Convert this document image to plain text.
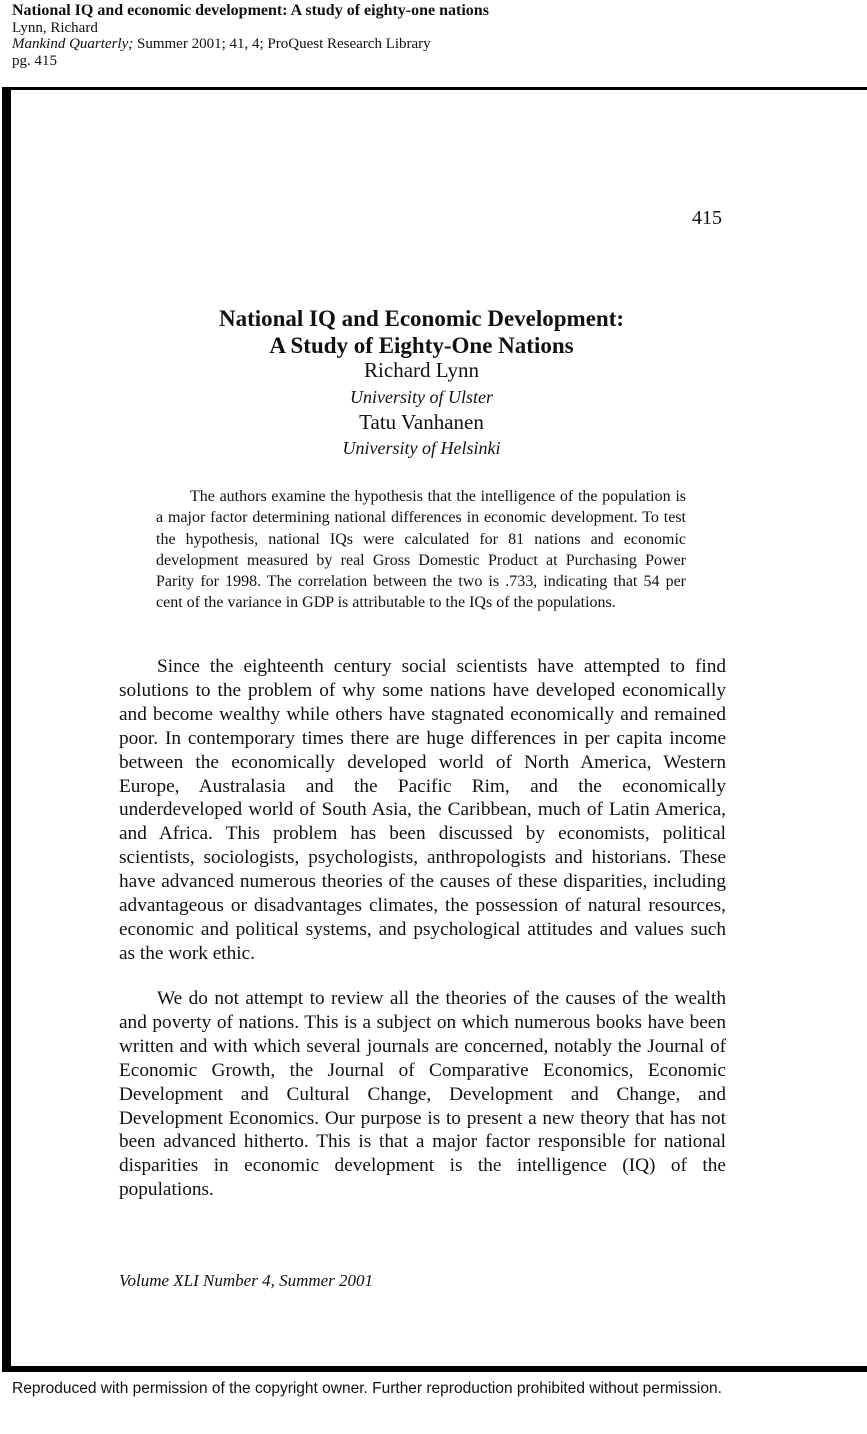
National IQ and economic development: A study of eighty-one nations
Lynn, Richard
Mankind Quarterly; Summer 2001; 41, 4; ProQuest Research Library
pg. 415
415
National IQ and Economic Development:
A Study of Eighty-One Nations
Richard Lynn
University of Ulster
Tatu Vanhanen
University of Helsinki
The authors examine the hypothesis that the intelligence of the population is a major factor determining national differences in economic development. To test the hypothesis, national IQs were calculated for 81 nations and economic development measured by real Gross Domestic Product at Purchasing Power Parity for 1998. The correlation between the two is .733, indicating that 54 per cent of the variance in GDP is attributable to the IQs of the populations.
Since the eighteenth century social scientists have attempted to find solutions to the problem of why some nations have developed economically and become wealthy while others have stagnated economically and remained poor. In contemporary times there are huge differences in per capita income between the economically developed world of North America, Western Europe, Australasia and the Pacific Rim, and the economically underdeveloped world of South Asia, the Caribbean, much of Latin America, and Africa. This problem has been discussed by economists, political scientists, sociologists, psychologists, anthropologists and historians. These have advanced numerous theories of the causes of these disparities, including advantageous or disadvantages climates, the possession of natural resources, economic and political systems, and psychological attitudes and values such as the work ethic.
We do not attempt to review all the theories of the causes of the wealth and poverty of nations. This is a subject on which numerous books have been written and with which several journals are concerned, notably the Journal of Economic Growth, the Journal of Comparative Economics, Economic Development and Cultural Change, Development and Change, and Development Economics. Our purpose is to present a new theory that has not been advanced hitherto. This is that a major factor responsible for national disparities in economic development is the intelligence (IQ) of the populations.
Volume XLI Number 4, Summer 2001
Reproduced with permission of the copyright owner. Further reproduction prohibited without permission.
